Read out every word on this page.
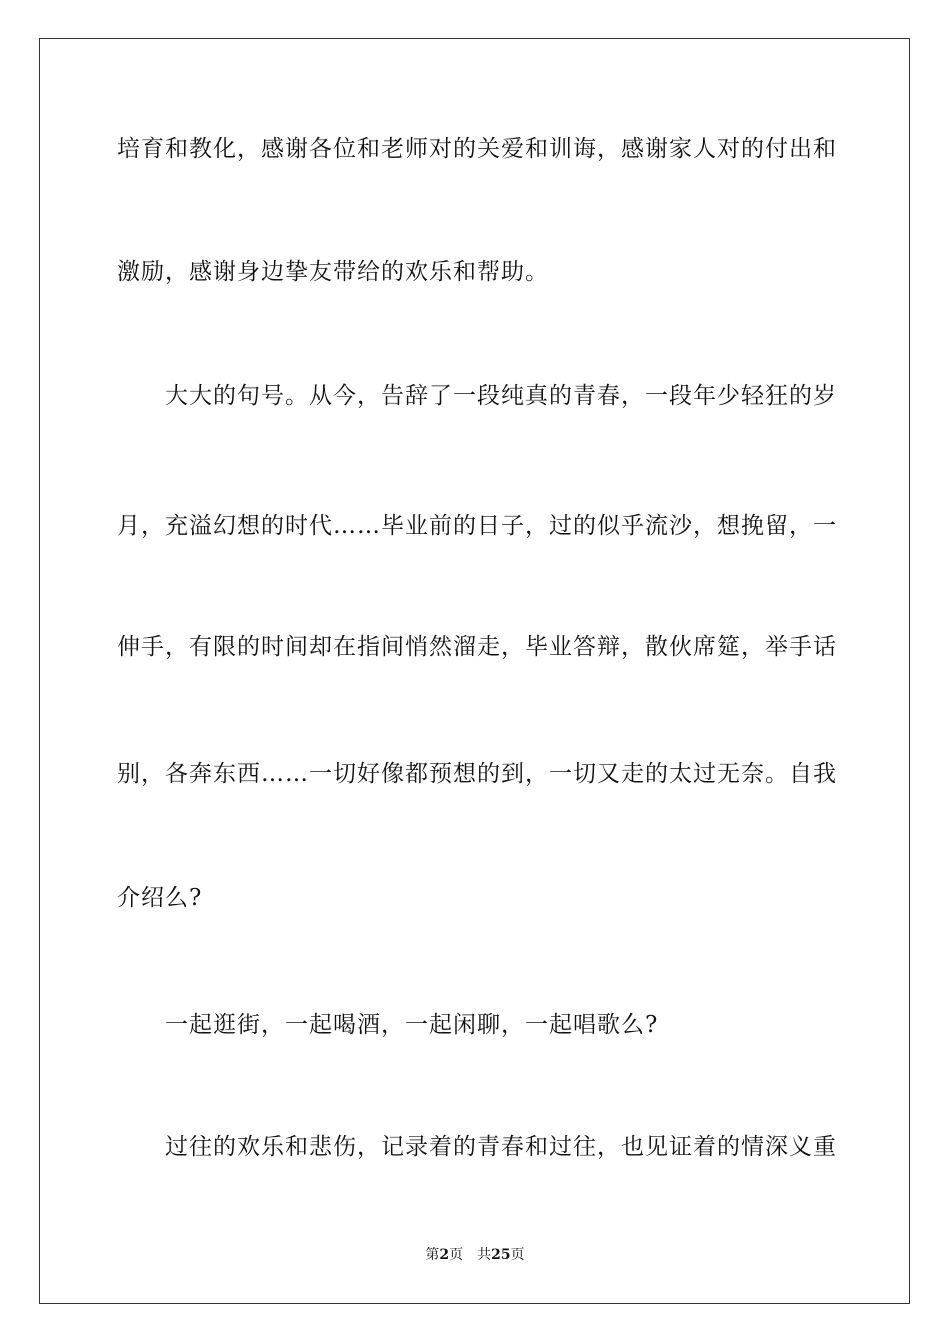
培育和教化，感谢各位和老师对的关爱和训诲，感谢家人对的付出和
激励，感谢身边挚友带给的欢乐和帮助。
大大的句号。从今，告辞了一段纯真的青春，一段年少轻狂的岁
月，充溢幻想的时代……毕业前的日子，过的似乎流沙，想挽留，一
伸手，有限的时间却在指间悄然溜走，毕业答辩，散伙席筵，举手话
别，各奔东西……一切好像都预想的到，一切又走的太过无奈。自我
介绍么?
一起逛街，一起喝酒，一起闲聊，一起唱歌么?
过往的欢乐和悲伤，记录着的青春和过往，也见证着的情深义重
第2页 共25页
